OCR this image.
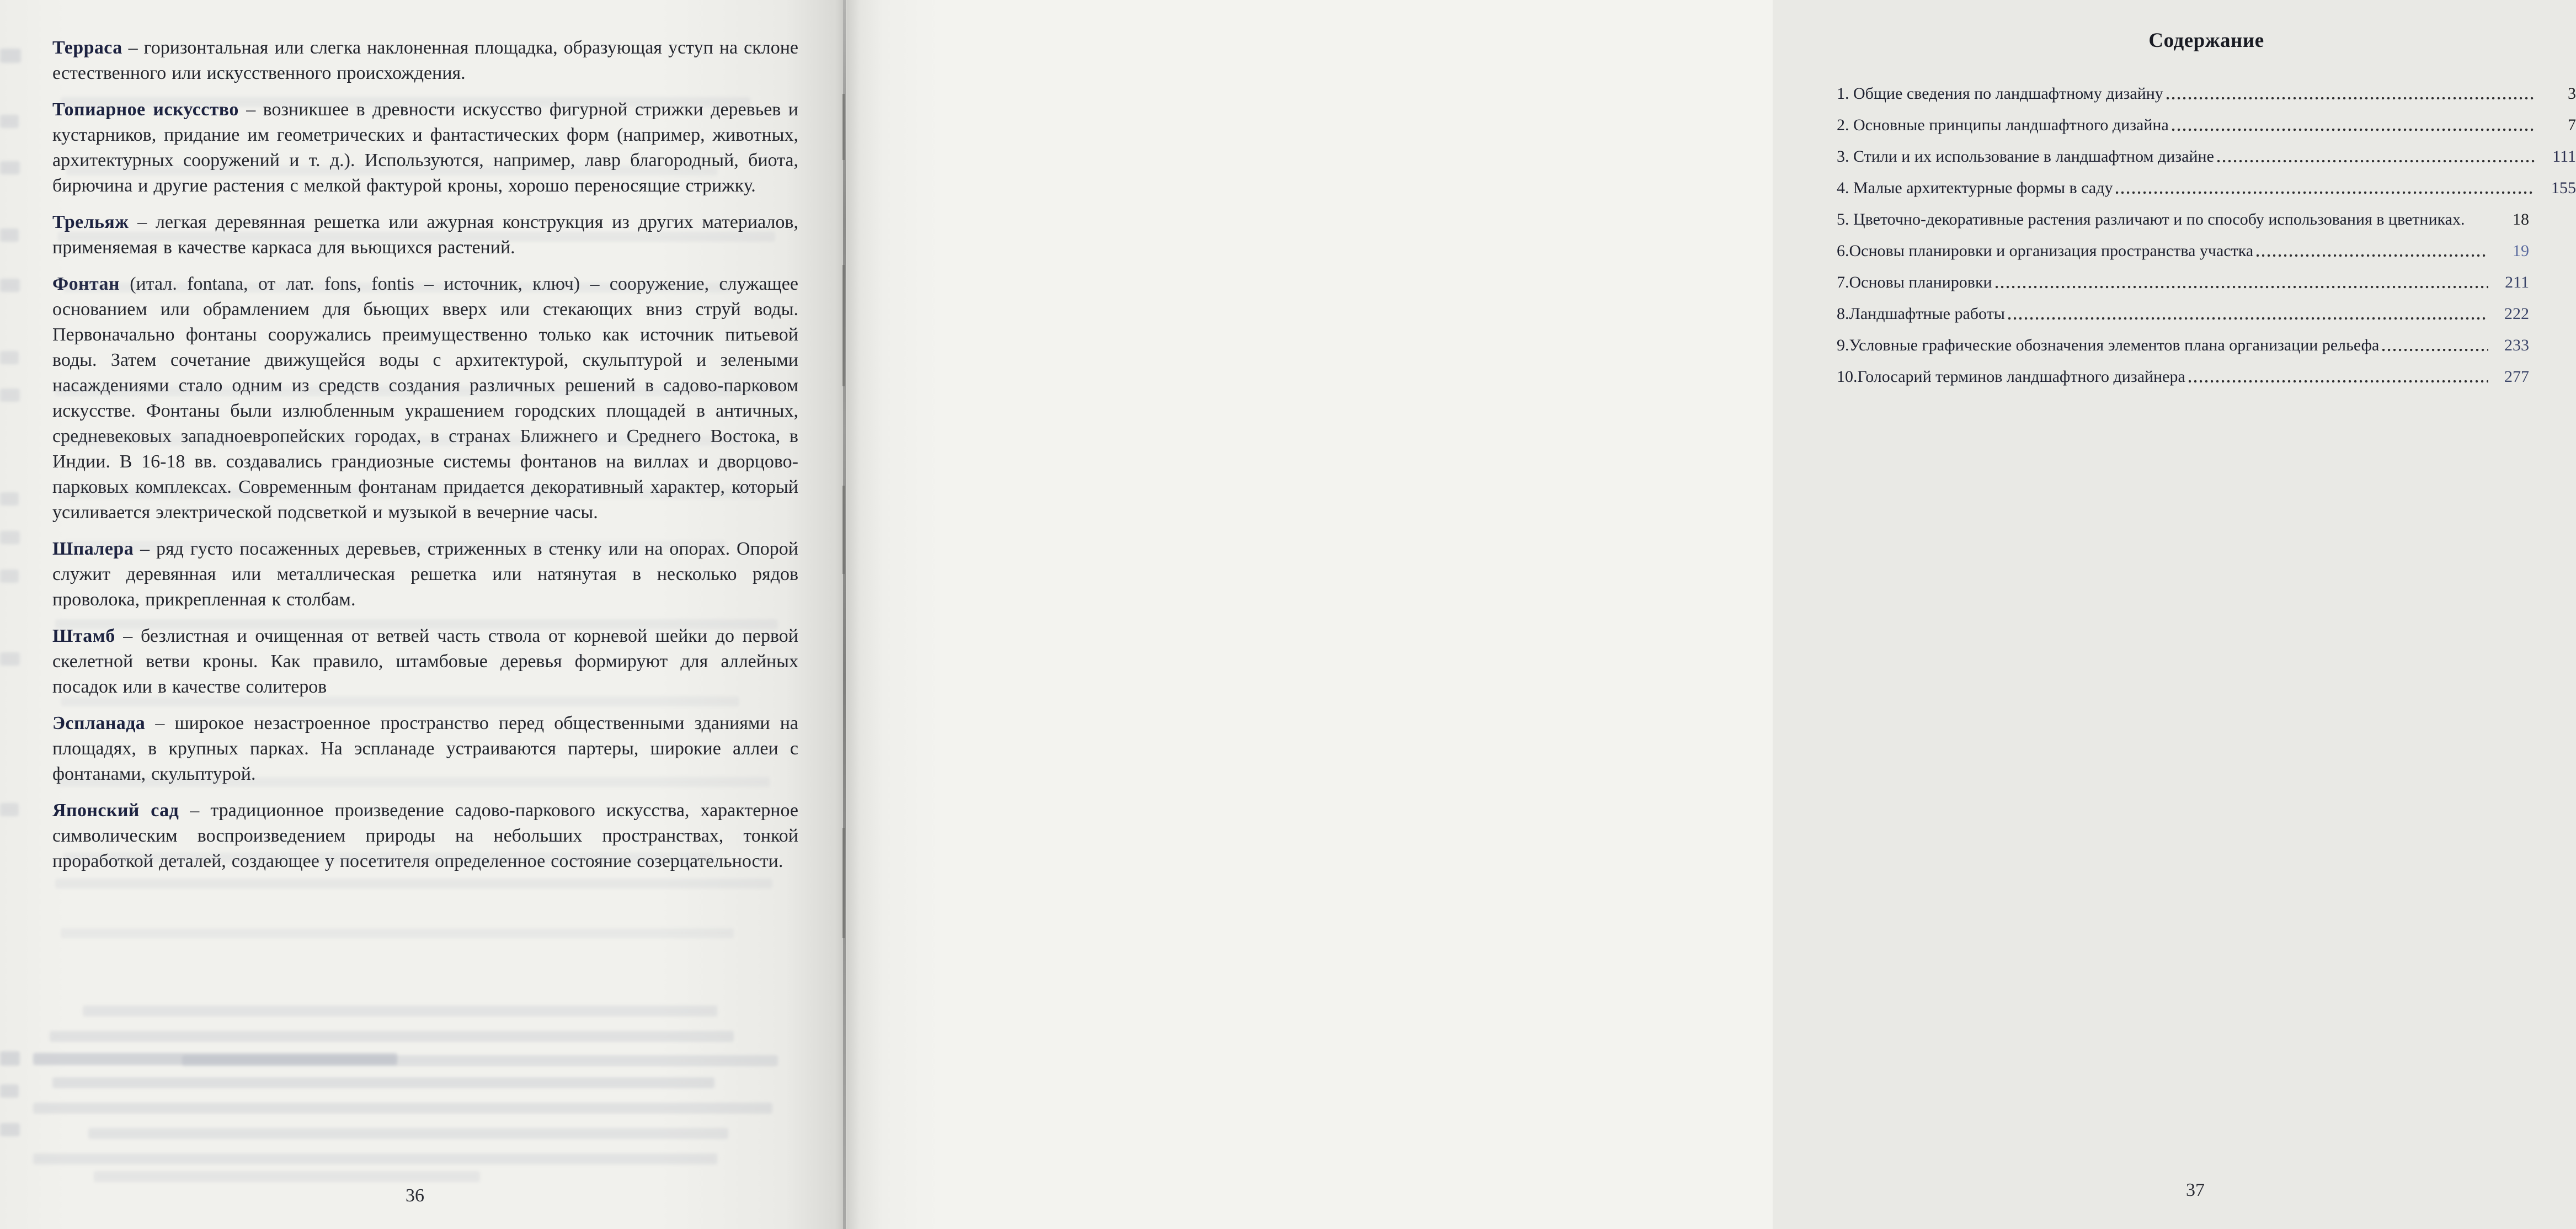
Терраса – горизонтальная или слегка наклоненная площадка, образующая уступ на склоне естественного или искусственного происхождения.

Топиарное искусство – возникшее в древности искусство фигурной стрижки деревьев и кустарников, придание им геометрических и фантастических форм (например, животных, архитектурных сооружений и т. д.). Используются, например, лавр благородный, биота, бирючина и другие растения с мелкой фактурой кроны, хорошо переносящие стрижку.

Трельяж – легкая деревянная решетка или ажурная конструкция из других материалов, применяемая в качестве каркаса для вьющихся растений.

Фонтан (итал. fontana, от лат. fons, fontis – источник, ключ) – сооружение, служащее основанием или обрамлением для бьющих вверх или стекающих вниз струй воды. Первоначально фонтаны сооружались преимущественно только как источник питьевой воды. Затем сочетание движущейся воды с архитектурой, скульптурой и зелеными насаждениями стало одним из средств создания различных решений в садово-парковом искусстве. Фонтаны были излюбленным украшением городских площадей в античных, средневековых западноевропейских городах, в странах Ближнего и Среднего Востока, в Индии. В 16-18 вв. создавались грандиозные системы фонтанов на виллах и дворцово-парковых комплексах. Современным фонтанам придается декоративный характер, который усиливается электрической подсветкой и музыкой в вечерние часы.

Шпалера – ряд густо посаженных деревьев, стриженных в стенку или на опорах. Опорой служит деревянная или металлическая решетка или натянутая в несколько рядов проволока, прикрепленная к столбам.

Штамб – безлистная и очищенная от ветвей часть ствола от корневой шейки до первой скелетной ветви кроны. Как правило, штамбовые деревья формируют для аллейных посадок или в качестве солитеров

Эспланада – широкое незастроенное пространство перед общественными зданиями на площадях, в крупных парках. На эспланаде устраиваются партеры, широкие аллеи с фонтанами, скульптурой.

Японский сад – традиционное произведение садово-паркового искусства, характерное символическим воспроизведением природы на небольших пространствах, тонкой проработкой деталей, создающее у посетителя определенное состояние созерцательности.

36
Содержание
1. Общие сведения по ландшафтному дизайну	3
2. Основные принципы ландшафтного дизайна	7
3. Стили и их использование в ландшафтном дизайне	111
4. Малые архитектурные формы в саду	155
5. Цветочно-декоративные растения различают и по способу использования в цветниках.	18
6.Основы планировки и организация пространства участка	19
7.Основы планировки	211
8.Ландшафтные работы	222
9.Условные графические обозначения элементов плана организации рельефа	233
10.Голосарий терминов ландшафтного дизайнера	277
37
